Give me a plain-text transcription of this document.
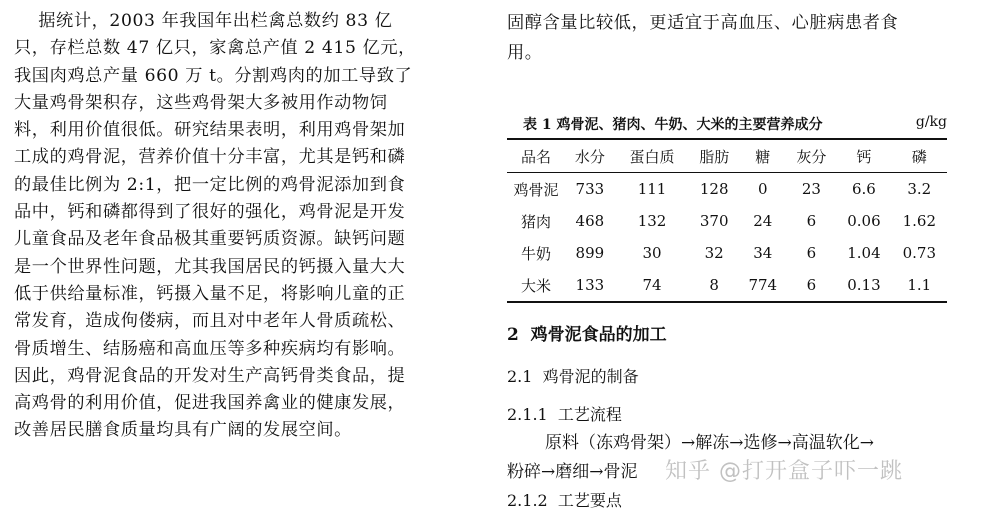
据统计，2003 年我国年出栏禽总数约 83 亿

只，存栏总数 47 亿只，家禽总产值 2 415 亿元，

我国肉鸡总产量 660 万 t。分割鸡肉的加工导致了

大量鸡骨架积存，这些鸡骨架大多被用作动物饲

料，利用价值很低。研究结果表明，利用鸡骨架加

工成的鸡骨泥，营养价值十分丰富，尤其是钙和磷

的最佳比例为 2:1，把一定比例的鸡骨泥添加到食

品中，钙和磷都得到了很好的强化，鸡骨泥是开发

儿童食品及老年食品极其重要钙质资源。缺钙问题

是一个世界性问题，尤其我国居民的钙摄入量大大

低于供给量标准，钙摄入量不足，将影响儿童的正

常发育，造成佝偻病，而且对中老年人骨质疏松、

骨质增生、结肠癌和高血压等多种疾病均有影响。

因此，鸡骨泥食品的开发对生产高钙骨类食品，提

高鸡骨的利用价值，促进我国养禽业的健康发展，

改善居民膳食质量均具有广阔的发展空间。

固醇含量比较低，更适宜于高血压、心脏病患者食

用。

表 1 鸡骨泥、猪肉、牛奶、大米的主要营养成分	g/kg
品名	水分	蛋白质	脂肪	糖	灰分	钙	磷
鸡骨泥	733	111	128	0	23	6.6	3.2
猪肉	468	132	370	24	6	0.06	1.62
牛奶	899	30	32	34	6	1.04	0.73
大米	133	74	8	774	6	0.13	1.1
2  鸡骨泥食品的加工
2.1  鸡骨泥的制备
2.1.1  工艺流程
原料（冻鸡骨架）→解冻→选修→高温软化→
粉碎→磨细→骨泥
2.1.2  工艺要点
知乎 @打开盒子吓一跳
